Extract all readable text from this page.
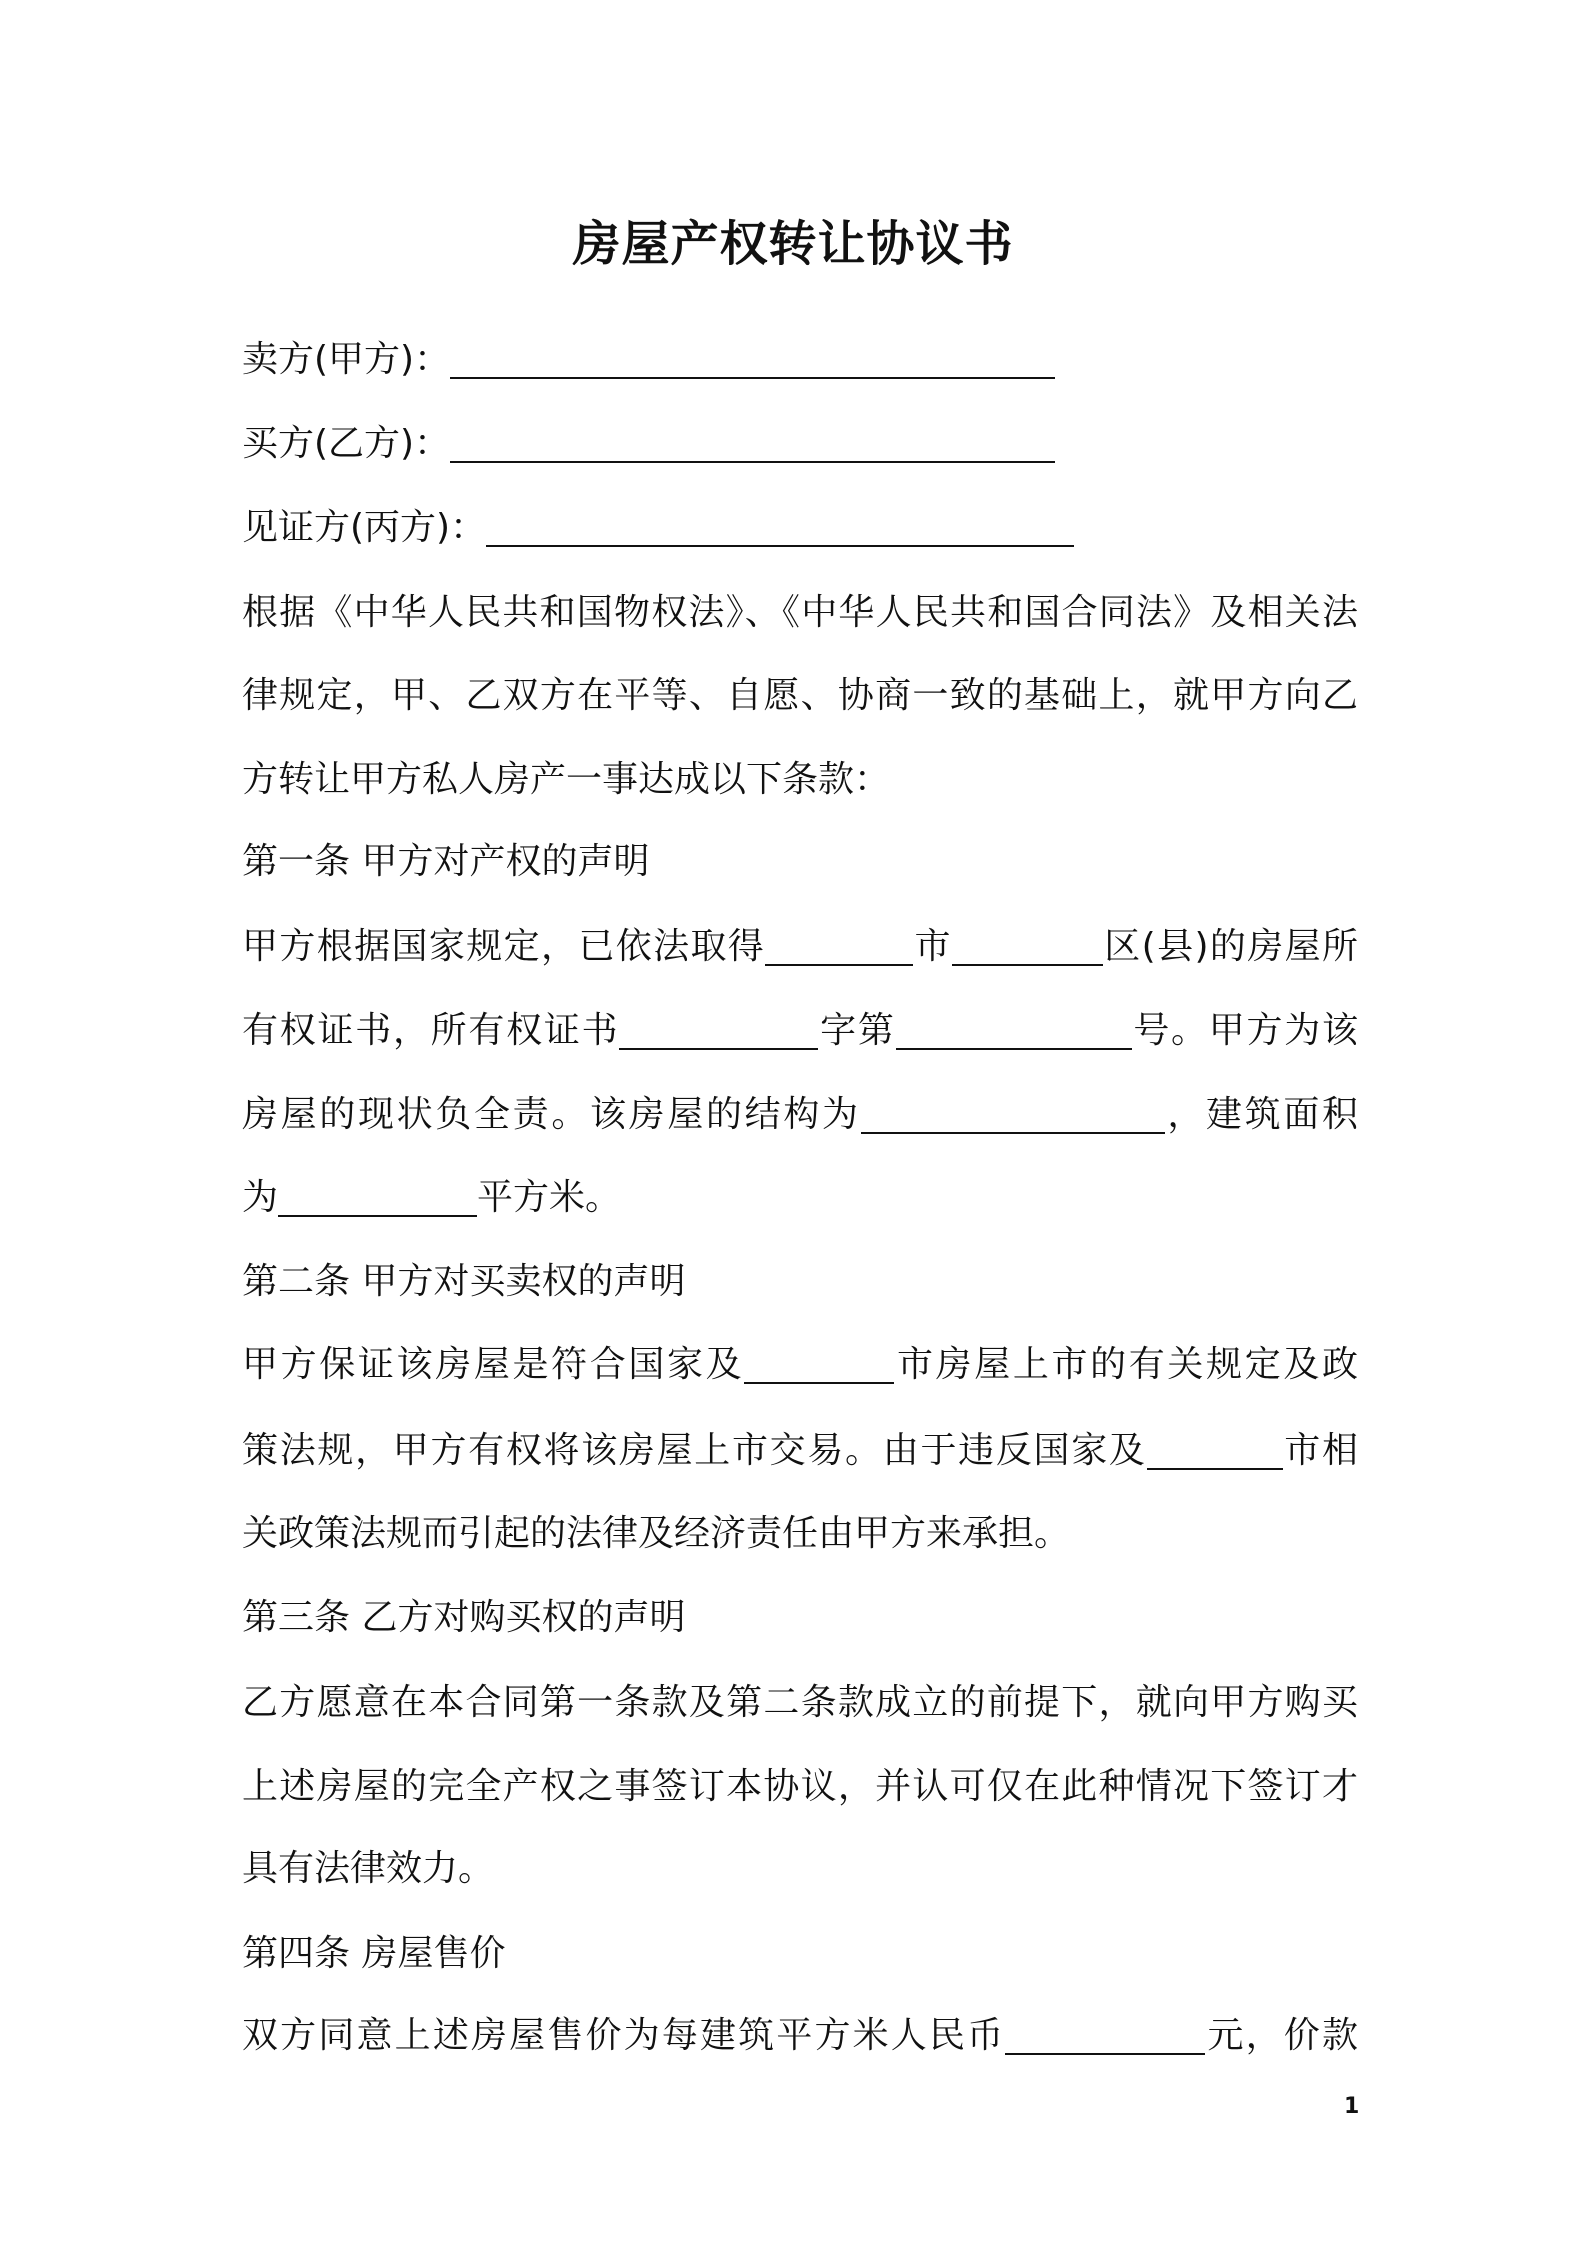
房屋产权转让协议书
卖方(甲方)：
买方(乙方)：
见证方(丙方)：
根据《中华人民共和国物权法》、《中华人民共和国合同法》及相关法
律规定，甲、乙双方在平等、自愿、协商一致的基础上，就甲方向乙
方转让甲方私人房产一事达成以下条款：
第一条 甲方对产权的声明
甲方根据国家规定，已依法取得	市	区(县)的房屋所
有权证书，所有权证书	字第	号。甲方为该
房屋的现状负全责。该房屋的结构为	，建筑面积
为	平方米。
第二条 甲方对买卖权的声明
甲方保证该房屋是符合国家及	市房屋上市的有关规定及政
策法规，甲方有权将该房屋上市交易。由于违反国家及	市相
关政策法规而引起的法律及经济责任由甲方来承担。
第三条 乙方对购买权的声明
乙方愿意在本合同第一条款及第二条款成立的前提下，就向甲方购买
上述房屋的完全产权之事签订本协议，并认可仅在此种情况下签订才
具有法律效力。
第四条 房屋售价
双方同意上述房屋售价为每建筑平方米人民币	元，价款
1
